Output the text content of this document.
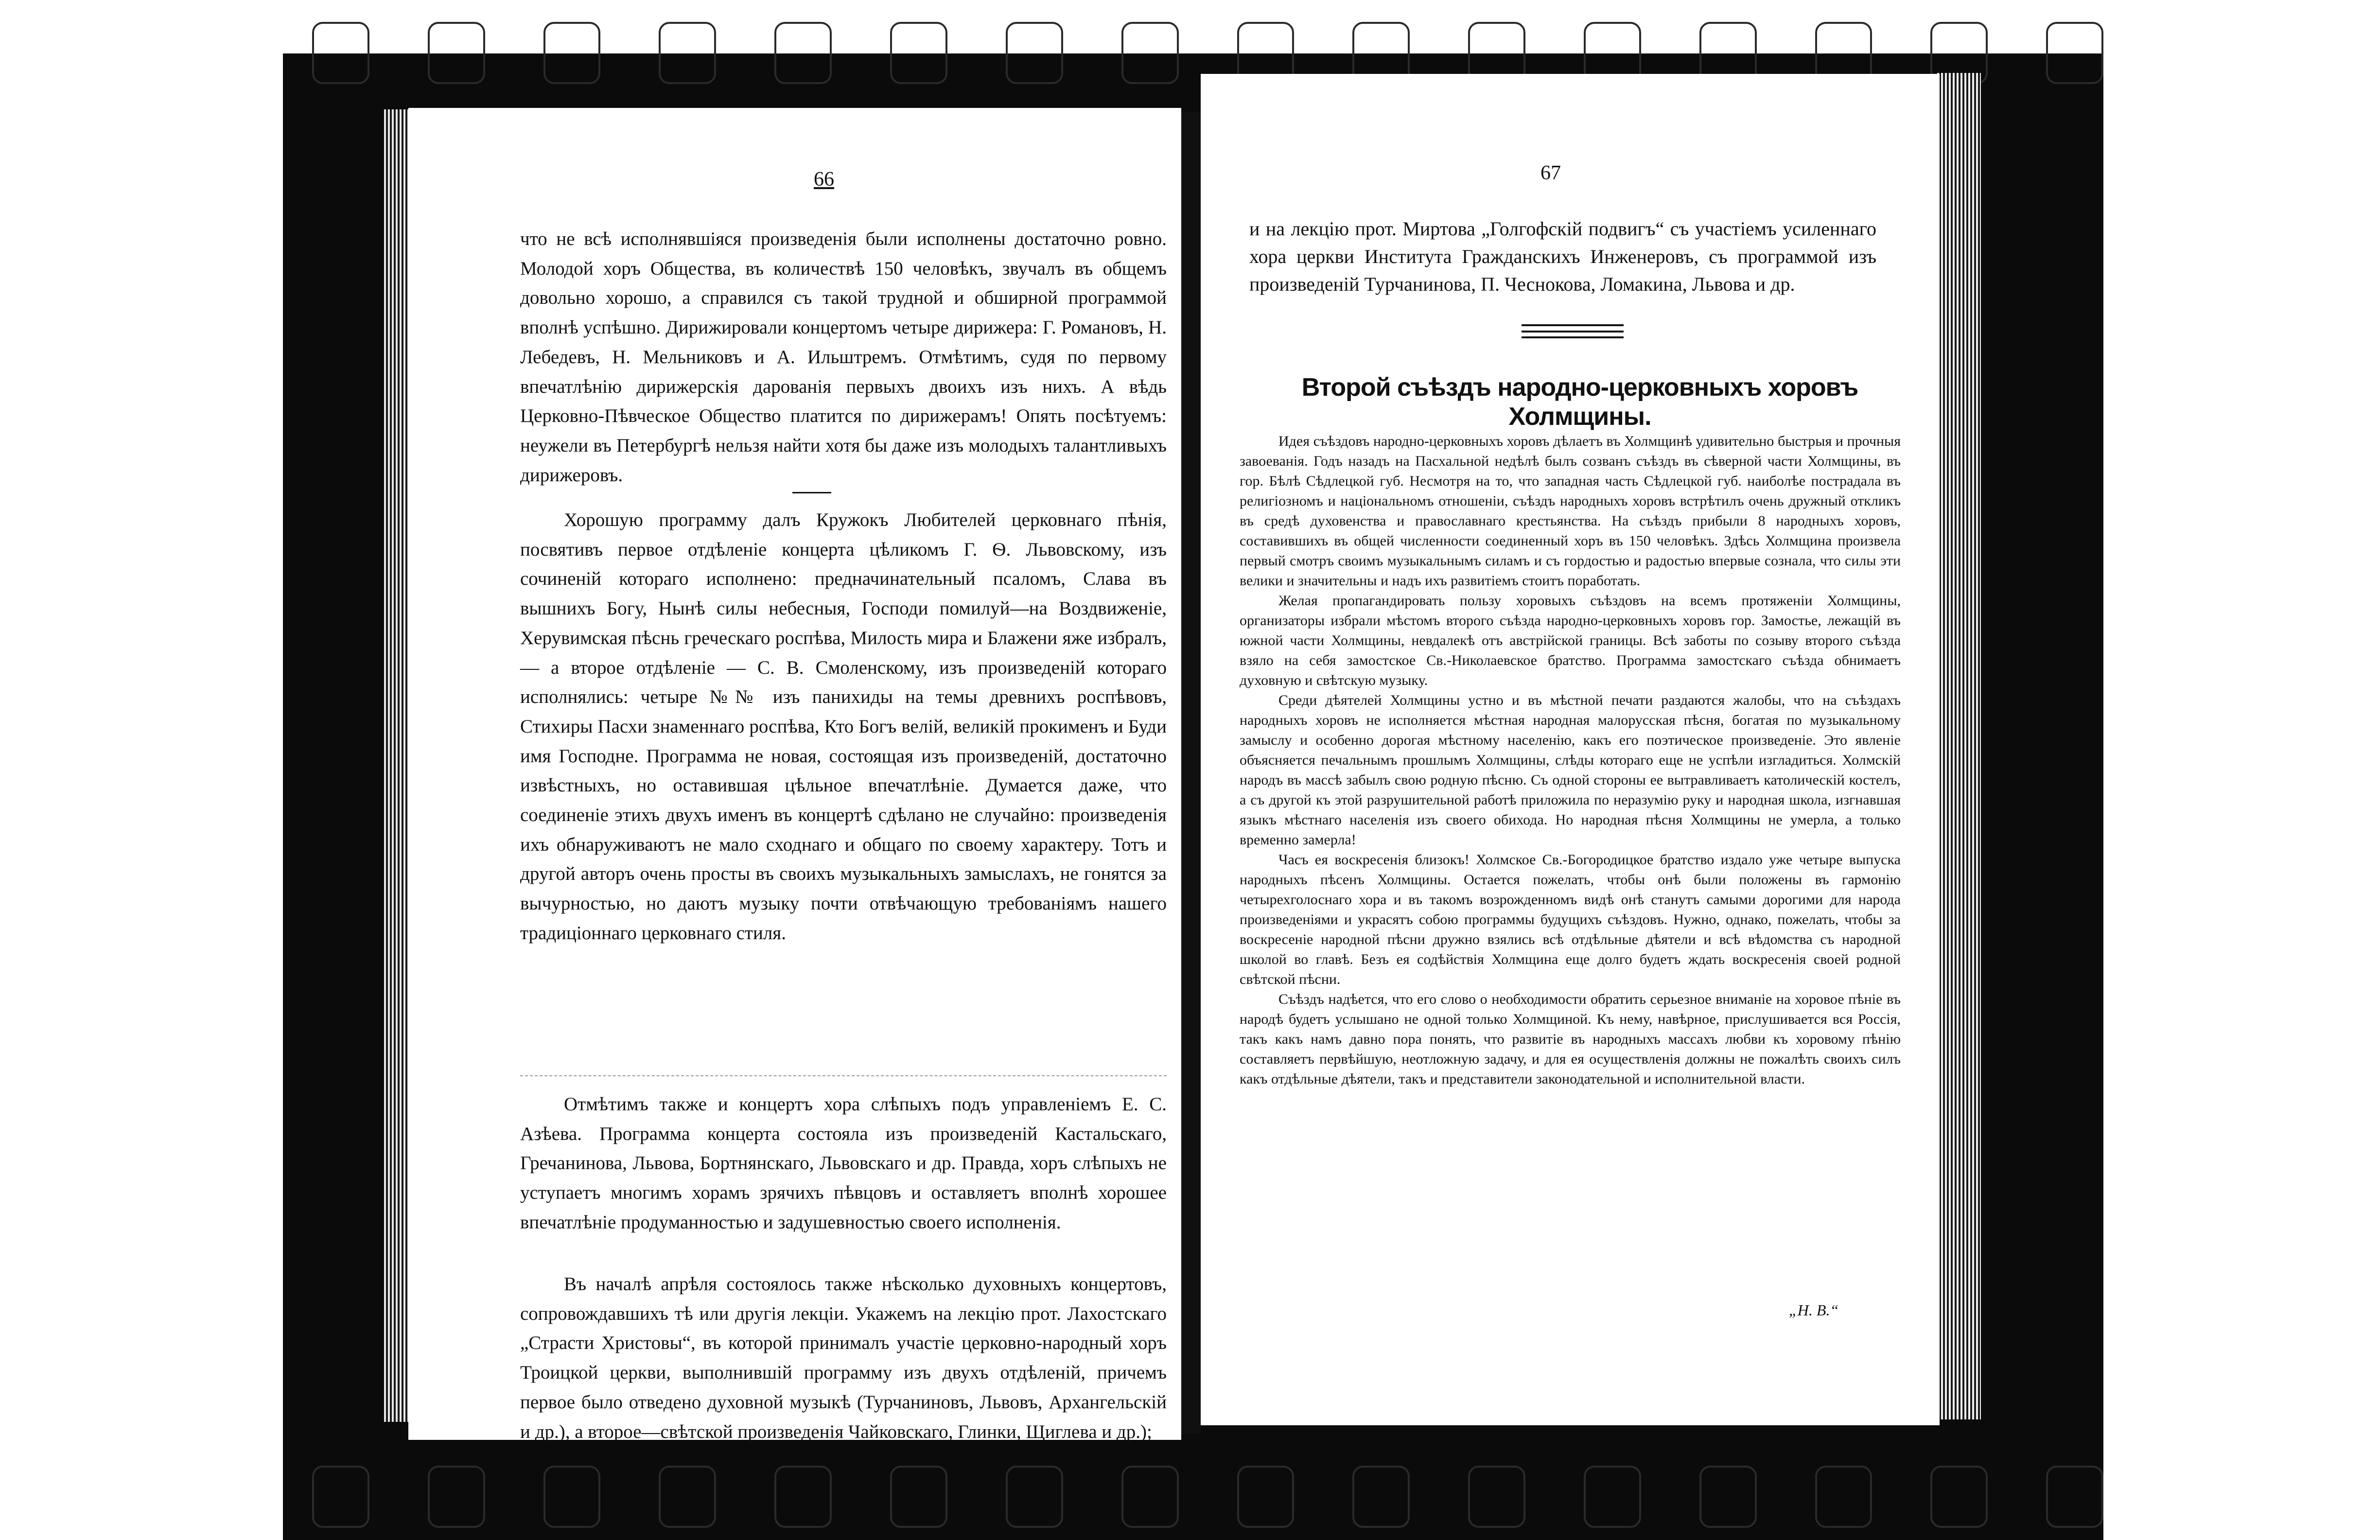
66

что не всѣ исполнявшіяся произведенія были исполнены достаточно ровно. Молодой хоръ Общества, въ количествѣ 150 человѣкъ, звучалъ въ общемъ довольно хорошо, а справился съ такой трудной и обширной программой вполнѣ успѣшно. Дирижировали концертомъ четыре дирижера: Г. Романовъ, Н. Лебедевъ, Н. Мельниковъ и А. Ильштремъ. Отмѣтимъ, судя по первому впечатлѣнію дирижерскія дарованія первыхъ двоихъ изъ нихъ. А вѣдь Церковно-Пѣвческое Общество платится по дирижерамъ! Опять посѣтуемъ: неужели въ Петербургѣ нельзя найти хотя бы даже изъ молодыхъ талантливыхъ дирижеровъ.

Хорошую программу далъ Кружокъ Любителей церковнаго пѣнія, посвятивъ первое отдѣленіе концерта цѣликомъ Г. Ѳ. Львовскому, изъ сочиненій котораго исполнено: предначинательный псаломъ, Слава въ вышнихъ Богу, Нынѣ силы небесныя, Господи помилуй—на Воздвиженіе, Херувимская пѣснь греческаго роспѣва, Милость мира и Блажени яже избралъ, — а второе отдѣленіе — С. В. Смоленскому, изъ произведеній котораго исполнялись: четыре №№ изъ панихиды на темы древнихъ роспѣвовъ, Стихиры Пасхи знаменнаго роспѣва, Кто Богъ велій, великій прокименъ и Буди имя Господне. Программа не новая, состоящая изъ произведеній, достаточно извѣстныхъ, но оставившая цѣльное впечатлѣніе. Думается даже, что соединеніе этихъ двухъ именъ въ концертѣ сдѣлано не случайно: произведенія ихъ обнаруживаютъ не мало сходнаго и общаго по своему характеру. Тотъ и другой авторъ очень просты въ своихъ музыкальныхъ замыслахъ, не гонятся за вычурностью, но даютъ музыку почти отвѣчающую требованіямъ нашего традиціоннаго церковнаго стиля.

Отмѣтимъ также и концертъ хора слѣпыхъ подъ управленіемъ Е. С. Азѣева. Программа концерта состояла изъ произведеній Кастальскаго, Гречанинова, Львова, Бортнянскаго, Львовскаго и др. Правда, хоръ слѣпыхъ не уступаетъ многимъ хорамъ зрячихъ пѣвцовъ и оставляетъ вполнѣ хорошее впечатлѣніе продуманностью и задушевностью своего исполненія.

Въ началѣ апрѣля состоялось также нѣсколько духовныхъ концертовъ, сопровождавшихъ тѣ или другія лекціи. Укажемъ на лекцію прот. Лахостскаго „Страсти Христовы“, въ которой принималъ участіе церковно-народный хоръ Троицкой церкви, выполнившій программу изъ двухъ отдѣленій, причемъ первое было отведено духовной музыкѣ (Турчаниновъ, Львовъ, Архангельскій и др.), а второе—свѣтской произведенія Чайковскаго, Глинки, Щиглева и др.);

67

и на лекцію прот. Миртова „Голгофскій подвигъ“ съ участіемъ усиленнаго хора церкви Института Гражданскихъ Инженеровъ, съ программой изъ произведеній Турчанинова, П. Чеснокова, Ломакина, Львова и др.

Второй съѣздъ народно-церковныхъ хоровъ Холмщины.

Идея съѣздовъ народно-церковныхъ хоровъ дѣлаетъ въ Холмщинѣ удивительно быстрыя и прочныя завоеванія. Годъ назадъ на Пасхальной недѣлѣ былъ созванъ съѣздъ въ сѣверной части Холмщины, въ гор. Бѣлѣ Сѣдлецкой губ. Несмотря на то, что западная часть Сѣдлецкой губ. наиболѣе пострадала въ религіозномъ и національномъ отношеніи, съѣздъ народныхъ хоровъ встрѣтилъ очень дружный откликъ въ средѣ духовенства и православнаго крестьянства. На съѣздъ прибыли 8 народныхъ хоровъ, составившихъ въ общей численности соединенный хоръ въ 150 человѣкъ. Здѣсь Холмщина произвела первый смотръ своимъ музыкальнымъ силамъ и съ гордостью и радостью впервые сознала, что силы эти велики и значительны и надъ ихъ развитіемъ стоитъ поработать.

Желая пропагандировать пользу хоровыхъ съѣздовъ на всемъ протяженіи Холмщины, организаторы избрали мѣстомъ второго съѣзда народно-церковныхъ хоровъ гор. Замостье, лежащій въ южной части Холмщины, невдалекѣ отъ австрійской границы. Всѣ заботы по созыву второго съѣзда взяло на себя замостское Св.-Николаевское братство. Программа замостскаго съѣзда обнимаетъ духовную и свѣтскую музыку.

Среди дѣятелей Холмщины устно и въ мѣстной печати раздаются жалобы, что на съѣздахъ народныхъ хоровъ не исполняется мѣстная народная малорусская пѣсня, богатая по музыкальному замыслу и особенно дорогая мѣстному населенію, какъ его поэтическое произведеніе. Это явленіе объясняется печальнымъ прошлымъ Холмщины, слѣды котораго еще не успѣли изгладиться. Холмскій народъ въ массѣ забылъ свою родную пѣсню. Съ одной стороны ее вытравливаетъ католическій костелъ, а съ другой къ этой разрушительной работѣ приложила по неразумію руку и народная школа, изгнавшая языкъ мѣстнаго населенія изъ своего обихода. Но народная пѣсня Холмщины не умерла, а только временно замерла!

Часъ ея воскресенія близокъ! Холмское Св.-Богородицкое братство издало уже четыре выпуска народныхъ пѣсенъ Холмщины. Остается пожелать, чтобы онѣ были положены въ гармонію четырехголоснаго хора и въ такомъ возрожденномъ видѣ онѣ станутъ самыми дорогими для народа произведеніями и украсятъ собою программы будущихъ съѣздовъ. Нужно, однако, пожелать, чтобы за воскресеніе народной пѣсни дружно взялись всѣ отдѣльные дѣятели и всѣ вѣдомства съ народной школой во главѣ. Безъ ея содѣйствія Холмщина еще долго будетъ ждать воскресенія своей родной свѣтской пѣсни.

Съѣздъ надѣется, что его слово о необходимости обратить серьезное вниманіе на хоровое пѣніе въ народѣ будетъ услышано не одной только Холмщиной. Къ нему, навѣрное, прислушивается вся Россія, такъ какъ намъ давно пора понять, что развитіе въ народныхъ массахъ любви къ хоровому пѣнію составляетъ первѣйшую, неотложную задачу, и для ея осуществленія должны не пожалѣть своихъ силъ какъ отдѣльные дѣятели, такъ и представители законодательной и исполнительной власти.

„Н. В.“
